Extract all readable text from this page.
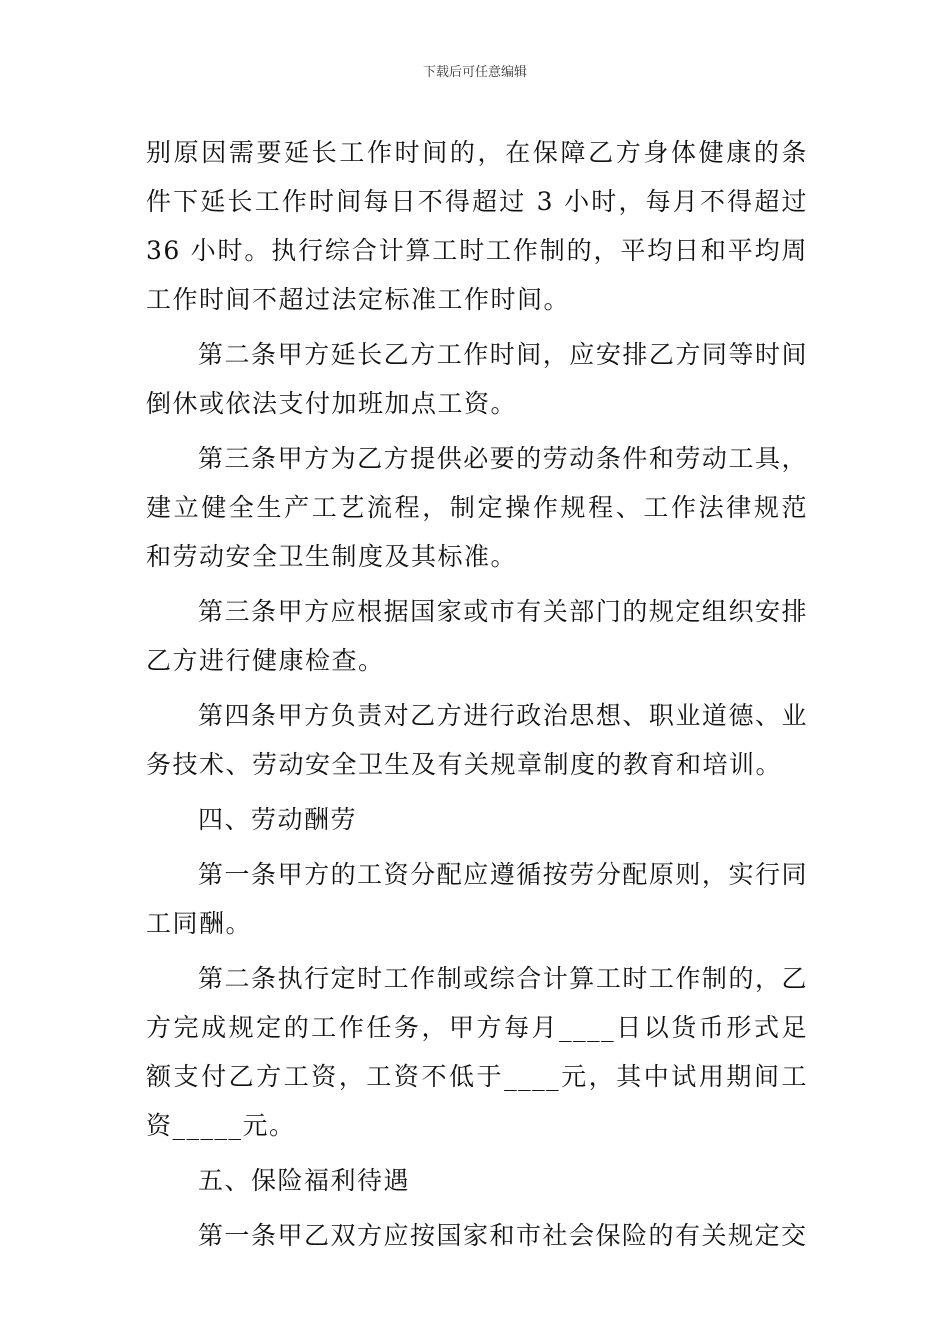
下载后可任意编辑

别原因需要延长工作时间的，在保障乙方身体健康的条件下延长工作时间每日不得超过 3 小时，每月不得超过 36 小时。执行综合计算工时工作制的，平均日和平均周工作时间不超过法定标准工作时间。

第二条甲方延长乙方工作时间，应安排乙方同等时间倒休或依法支付加班加点工资。

第三条甲方为乙方提供必要的劳动条件和劳动工具，建立健全生产工艺流程，制定操作规程、工作法律规范和劳动安全卫生制度及其标准。

第三条甲方应根据国家或市有关部门的规定组织安排乙方进行健康检查。

第四条甲方负责对乙方进行政治思想、职业道德、业务技术、劳动安全卫生及有关规章制度的教育和培训。

四、劳动酬劳

第一条甲方的工资分配应遵循按劳分配原则，实行同工同酬。

第二条执行定时工作制或综合计算工时工作制的，乙方完成规定的工作任务，甲方每月____日以货币形式足额支付乙方工资，工资不低于____元，其中试用期间工资_____元。

五、保险福利待遇

第一条甲乙双方应按国家和市社会保险的有关规定交
